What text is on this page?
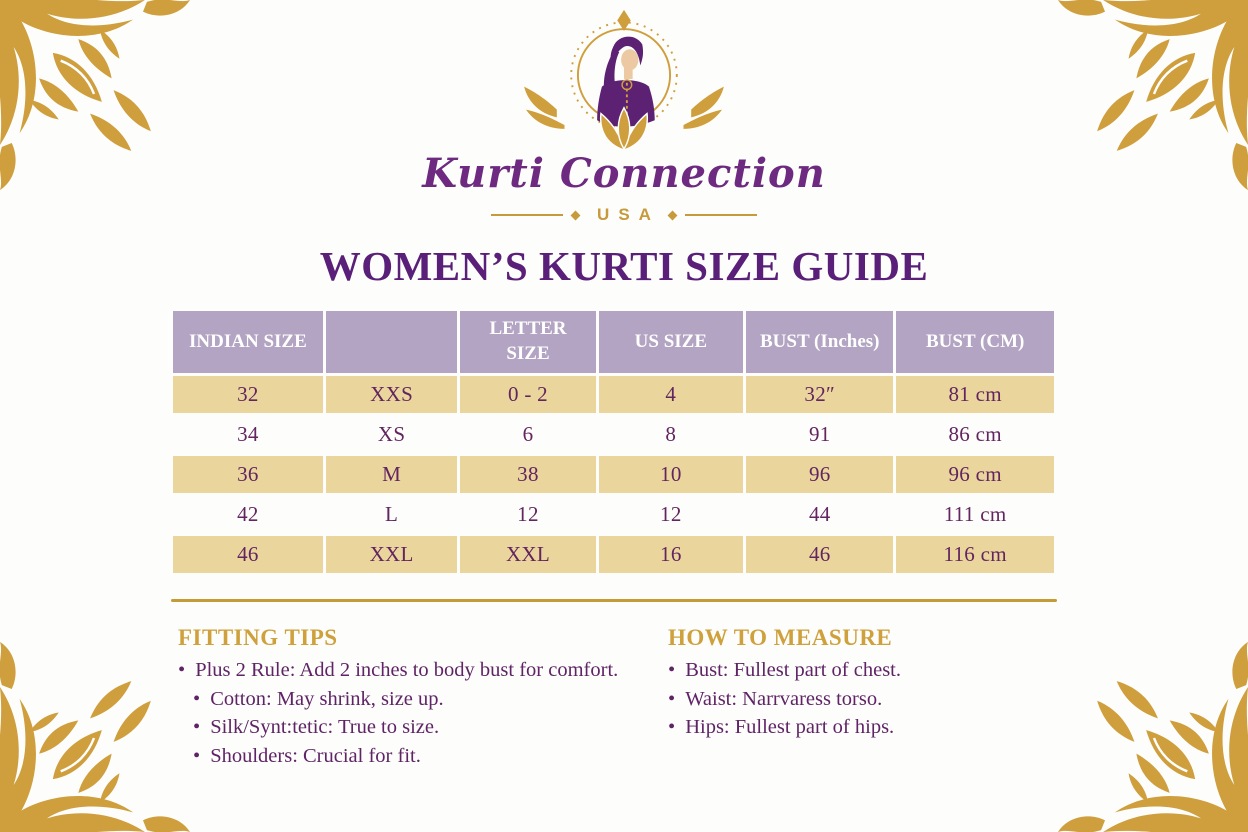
Kurti Connection
USA
WOMEN’S KURTI SIZE GUIDE
INDIAN SIZE		LETTER SIZE	US SIZE	BUST (Inches)	BUST (CM)
32	XXS	0 - 2	4	32″	81 cm
34	XS	6	8	91	86 cm
36	M	38	10	96	96 cm
42	L	12	12	44	111 cm
46	XXL	XXL	16	46	116 cm
FITTING TIPS
• Plus 2 Rule: Add 2 inches to body bust for comfort.
• Cotton: May shrink, size up.
• Silk/Synt:tetic: True to size.
• Shoulders: Crucial for fit.
HOW TO MEASURE
• Bust: Fullest part of chest.
• Waist: Narrvaress torso.
• Hips: Fullest part of hips.
